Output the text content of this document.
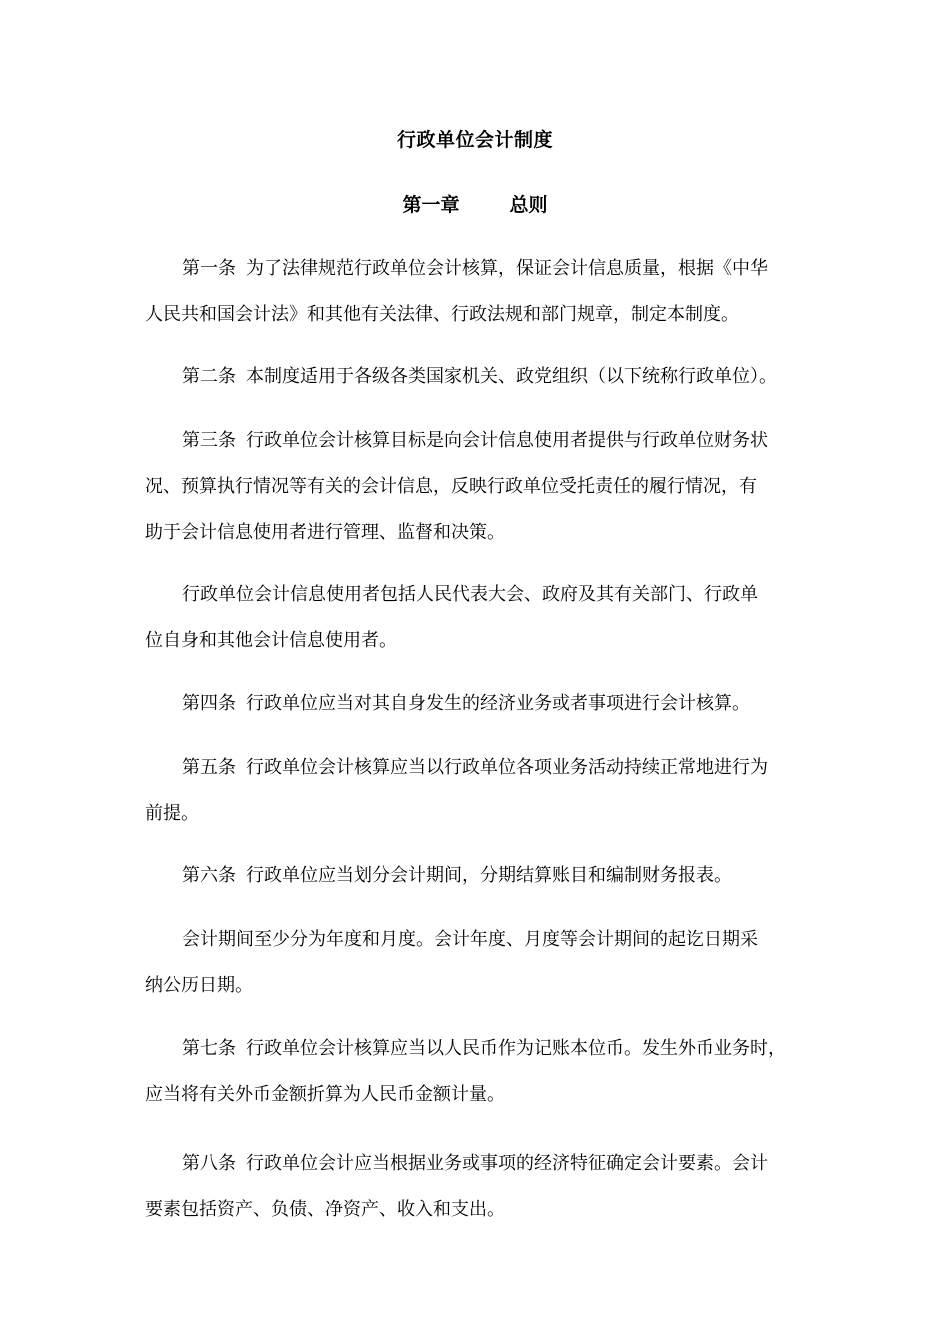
行政单位会计制度
第一章	总则

第一条 为了法律规范行政单位会计核算，保证会计信息质量，根据《中华
人民共和国会计法》和其他有关法律、行政法规和部门规章，制定本制度。

第二条 本制度适用于各级各类国家机关、政党组织（以下统称行政单位）。

第三条 行政单位会计核算目标是向会计信息使用者提供与行政单位财务状
况、预算执行情况等有关的会计信息，反映行政单位受托责任的履行情况，有
助于会计信息使用者进行管理、监督和决策。

行政单位会计信息使用者包括人民代表大会、政府及其有关部门、行政单
位自身和其他会计信息使用者。

第四条 行政单位应当对其自身发生的经济业务或者事项进行会计核算。

第五条 行政单位会计核算应当以行政单位各项业务活动持续正常地进行为
前提。

第六条 行政单位应当划分会计期间，分期结算账目和编制财务报表。

会计期间至少分为年度和月度。会计年度、月度等会计期间的起讫日期采
纳公历日期。

第七条 行政单位会计核算应当以人民币作为记账本位币。发生外币业务时，
应当将有关外币金额折算为人民币金额计量。

第八条 行政单位会计应当根据业务或事项的经济特征确定会计要素。会计
要素包括资产、负债、净资产、收入和支出。
